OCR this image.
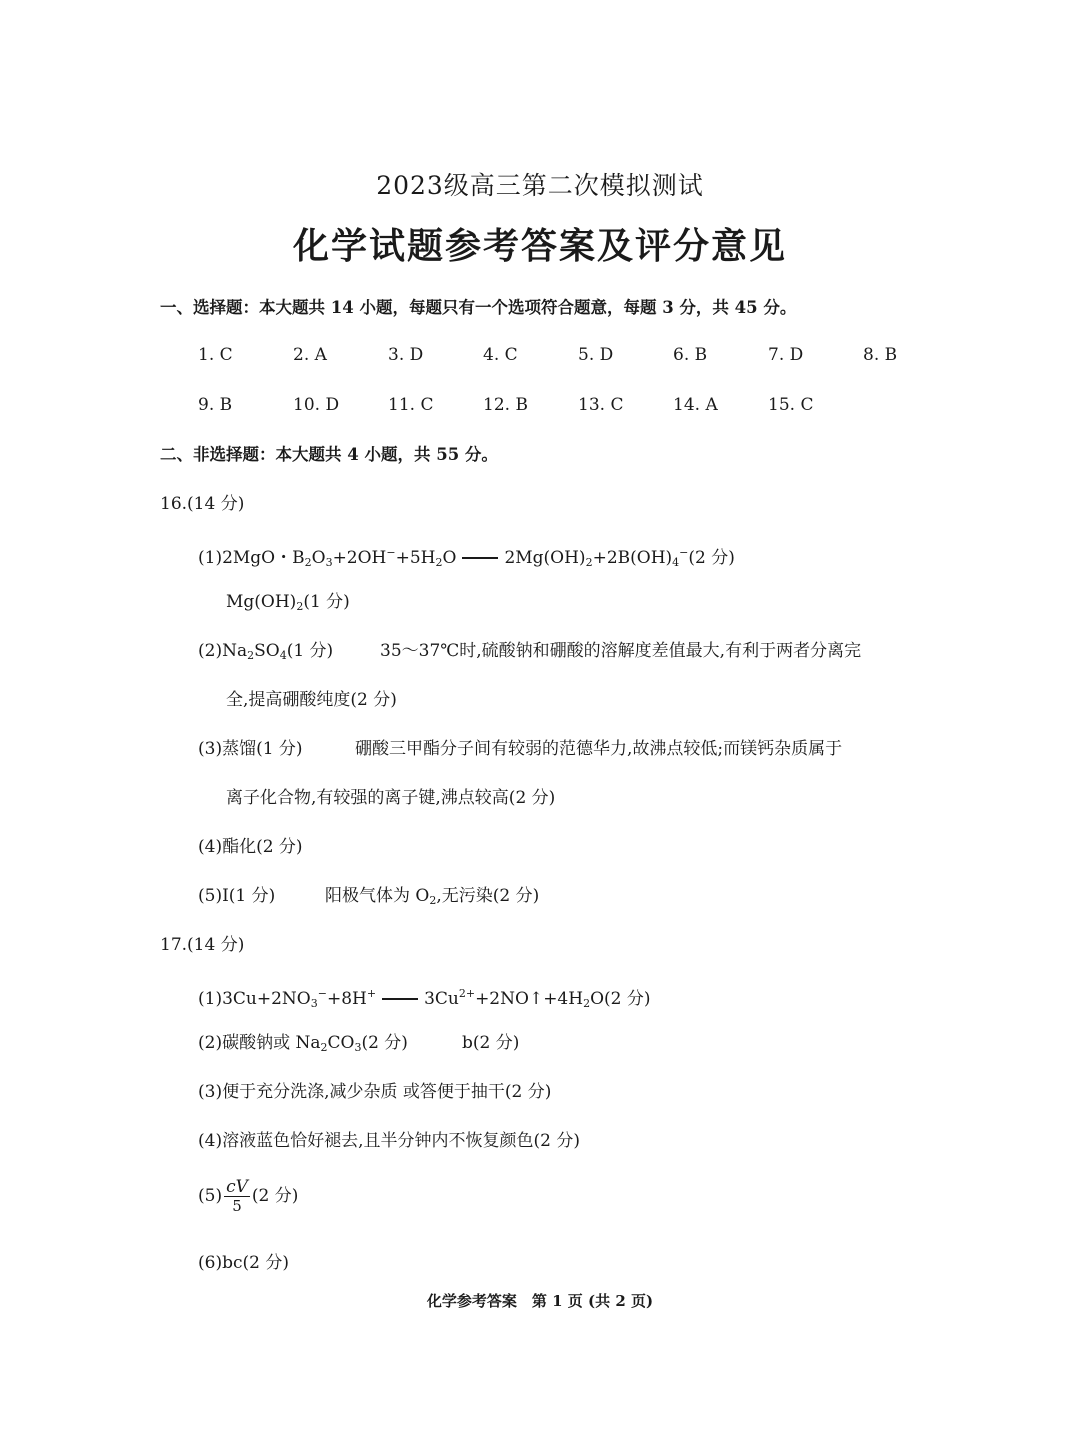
2023级高三第二次模拟测试
化学试题参考答案及评分意见
一、选择题：本大题共 14 小题，每题只有一个选项符合题意，每题 3 分，共 45 分。
1. C	2. A	3. D	4. C	5. D	6. B	7. D	8. B
9. B	10. D	11. C	12. B	13. C	14. A	15. C
二、非选择题：本大题共 4 小题，共 55 分。
16.(14 分)
(1)2MgO・$B_2O_3+2OH^-+5H_2O$	$2Mg(OH)_2+2B(OH)_4^-(2$ 分)
$Mg(OH)_2(1$ 分)
$(2)Na_2SO_4(1$ 分)	35～37℃时,硫酸钠和硼酸的溶解度差值最大,有利于两者分离完
全,提高硼酸纯度(2 分)
(3)蒸馏(1 分)	硼酸三甲酯分子间有较弱的范德华力,故沸点较低;而镁钙杂质属于
离子化合物,有较强的离子键,沸点较高(2 分)
(4)酯化(2 分)
(5)I(1 分)	阳极气体为 $O_2$,无污染(2 分)
17.(14 分)
$(1)3Cu+2NO_3^-+8H^+$	$3Cu^{2+}+2NO↑+4H_2O(2$ 分)
(2)碳酸钠或 $Na_2CO_3(2$ 分)	b(2 分)
(3)便于充分洗涤,减少杂质 或答便于抽干(2 分)
(4)溶液蓝色恰好褪去,且半分钟内不恢复颜色(2 分)
$(5) \frac{cV}{5} (2$ 分)
(6)bc(2 分)
化学参考答案　第 1 页 (共 2 页)
